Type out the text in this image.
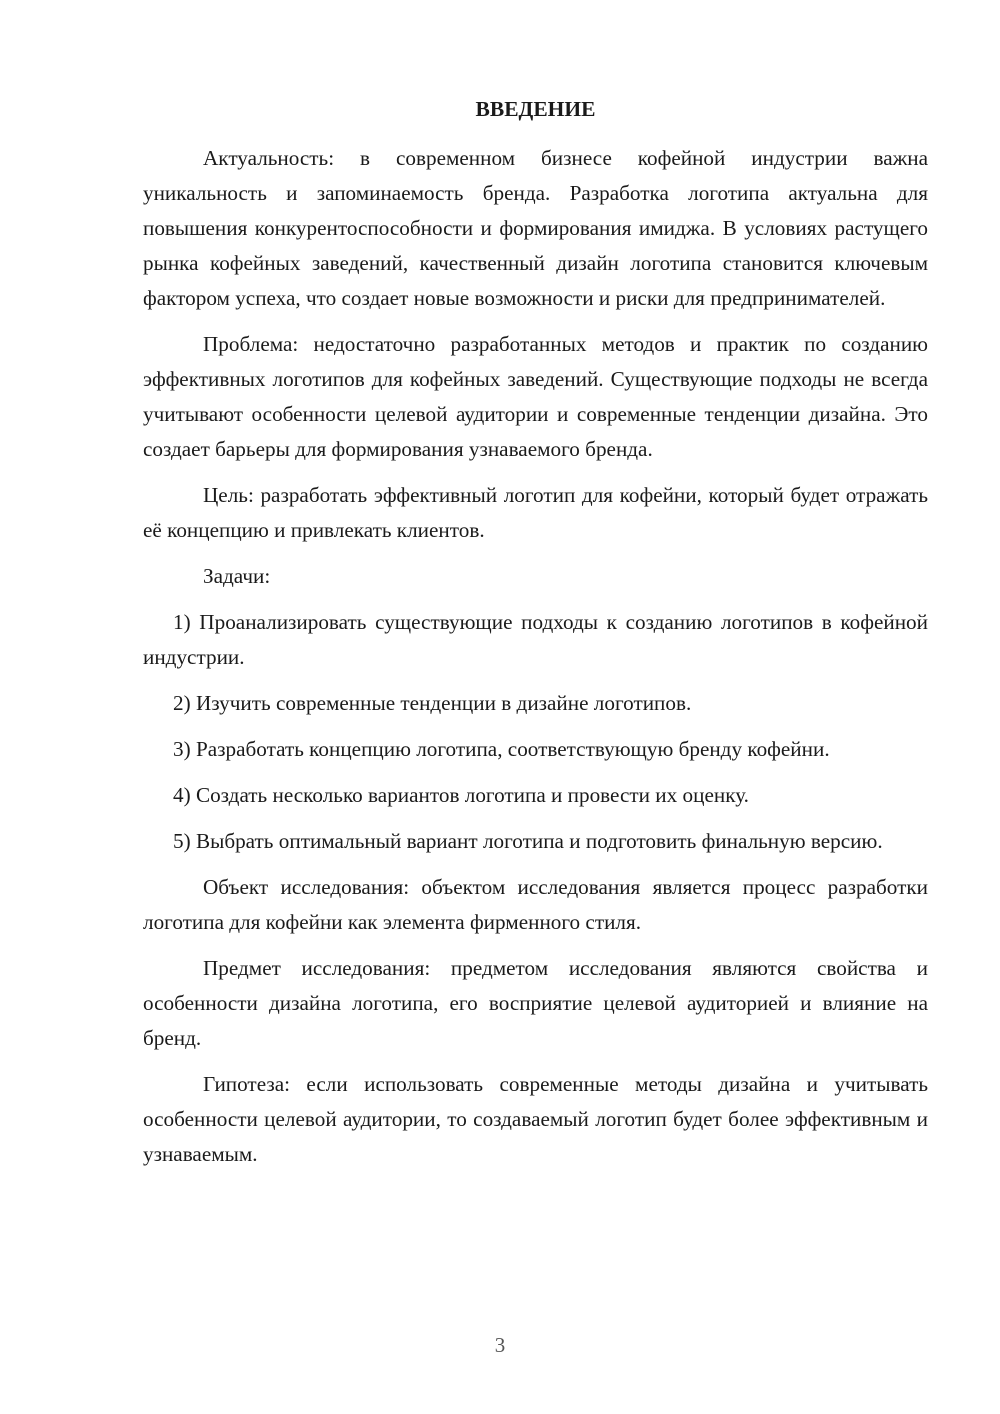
ВВЕДЕНИЕ

Актуальность: в современном бизнесе кофейной индустрии важна уникальность и запоминаемость бренда. Разработка логотипа актуальна для повышения конкурентоспособности и формирования имиджа. В условиях растущего рынка кофейных заведений, качественный дизайн логотипа становится ключевым фактором успеха, что создает новые возможности и риски для предпринимателей.

Проблема: недостаточно разработанных методов и практик по созданию эффективных логотипов для кофейных заведений. Существующие подходы не всегда учитывают особенности целевой аудитории и современные тенденции дизайна. Это создает барьеры для формирования узнаваемого бренда.

Цель: разработать эффективный логотип для кофейни, который будет отражать её концепцию и привлекать клиентов.

Задачи:

1) Проанализировать существующие подходы к созданию логотипов в кофейной индустрии.

2) Изучить современные тенденции в дизайне логотипов.

3) Разработать концепцию логотипа, соответствующую бренду кофейни.

4) Создать несколько вариантов логотипа и провести их оценку.

5) Выбрать оптимальный вариант логотипа и подготовить финальную версию.

Объект исследования: объектом исследования является процесс разработки логотипа для кофейни как элемента фирменного стиля.

Предмет исследования: предметом исследования являются свойства и особенности дизайна логотипа, его восприятие целевой аудиторией и влияние на бренд.

Гипотеза: если использовать современные методы дизайна и учитывать особенности целевой аудитории, то создаваемый логотип будет более эффективным и узнаваемым.

3
